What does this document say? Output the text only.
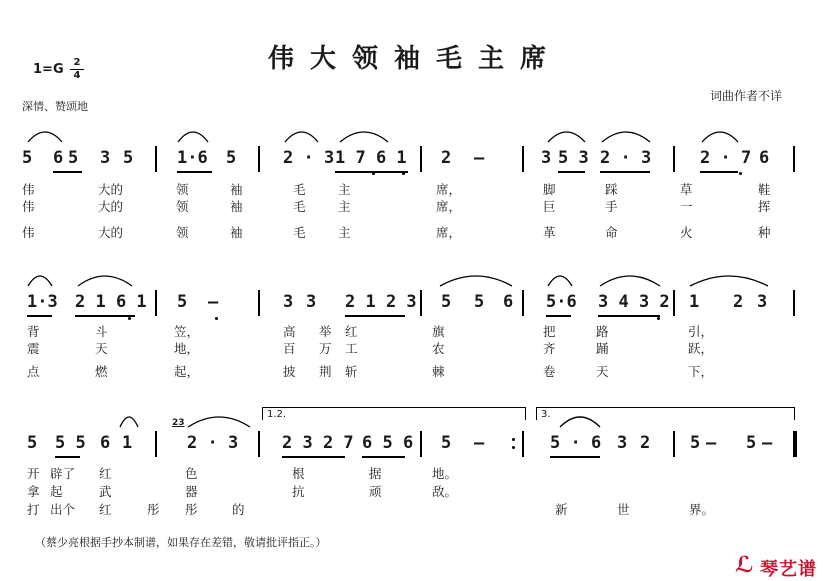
伟大领袖毛主席
1=G 2
4
深情、赞颂地
词曲作者不详
5 6 5 3 5	1·6 5	2 · 3 1 7 6 1 2 —	3 5 3 2 · 3	2 · 7 6
伟	大的	领	袖	毛	主	席，	脚	踩	草	鞋
伟	大的	领	袖	毛	主	席，	巨	手	一	挥
伟	大的	领	袖	毛	主	席，	革	命	火	种
1·3 2 1 6 1 5 —	3 3 2 1 2 3 5 5 6 5·6 3 4 3 2 1 2 3
背	斗	笠，	高 举 红	旗	把	路	引，
震	天	地，	百 万 工	农	齐	踊	跃，
点	燃	起，	披 荆 斩	棘	卷	天	下，
5 5 5 6 1	2 · 3	2 3 2 7 6 5 6 5 —	5 · 6 3 2 5 — 5 —
开 辟了 红	色	根	据	地。
拿 起	武	器	抗	顽	敌。
打 出个 红	彤 彤	的	新	世	界。
1.2.	3.
23
（蔡少亮根据手抄本制谱，如果存在差错，敬请批评指正。）
ℒ 琴艺谱
